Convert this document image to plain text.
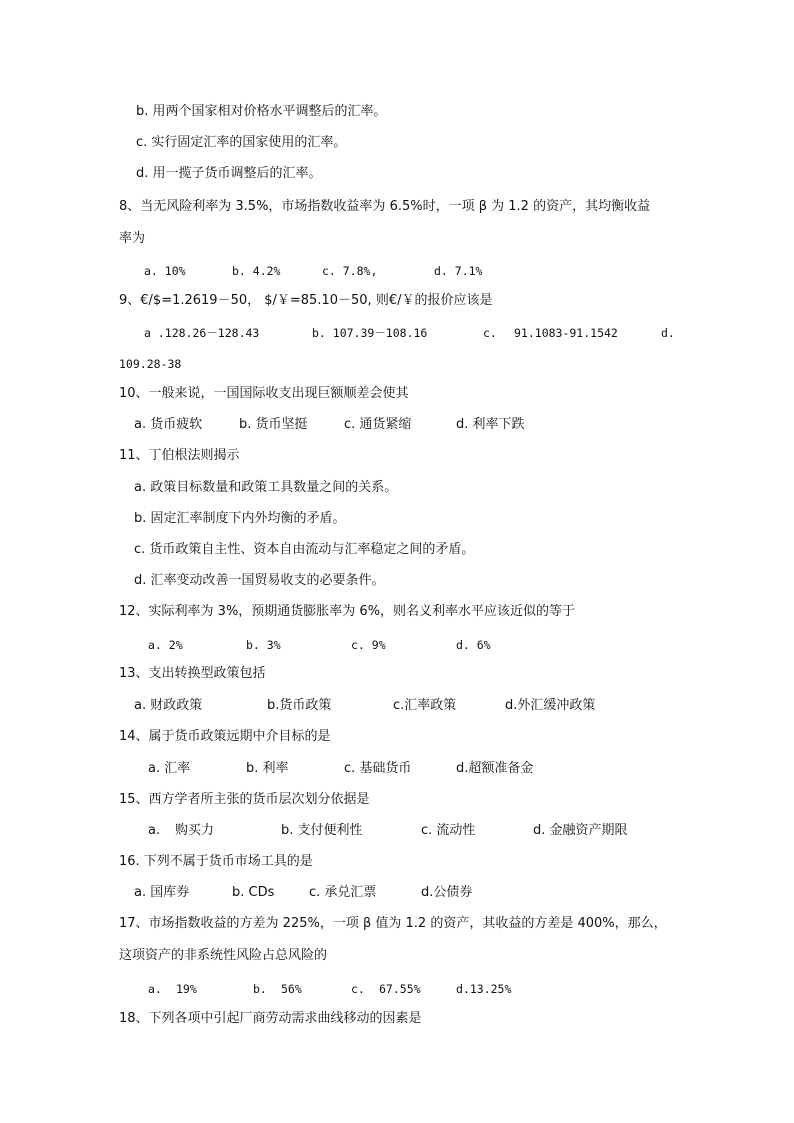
b. 用两个国家相对价格水平调整后的汇率。
c. 实行固定汇率的国家使用的汇率。
d. 用一揽子货币调整后的汇率。
8、当无风险利率为 3.5%，市场指数收益率为 6.5%时，一项 β 为 1.2 的资产，其均衡收益
率为
a. 10%	b. 4.2%	c. 7.8%,	d. 7.1%
9、€/$=1.2619－50， $/￥=85.10－50, 则€/￥的报价应该是
a .128.26－128.43	b. 107.39－108.16	c. 91.1083-91.1542	d.
109.28-38
10、一般来说，一国国际收支出现巨额顺差会使其
a. 货币疲软	b. 货币坚挺	c. 通货紧缩	d. 利率下跌
11、丁伯根法则揭示
a. 政策目标数量和政策工具数量之间的关系。
b. 固定汇率制度下内外均衡的矛盾。
c. 货币政策自主性、资本自由流动与汇率稳定之间的矛盾。
d. 汇率变动改善一国贸易收支的必要条件。
12、实际利率为 3%，预期通货膨胀率为 6%，则名义利率水平应该近似的等于
a. 2%	b. 3%	c. 9%	d. 6%
13、支出转换型政策包括
a. 财政政策	b.货币政策	c.汇率政策	d.外汇缓冲政策
14、属于货币政策远期中介目标的是
a. 汇率	b. 利率	c. 基础货币	d.超额准备金
15、西方学者所主张的货币层次划分依据是
a. 购买力	b. 支付便利性	c. 流动性	d. 金融资产期限
16. 下列不属于货币市场工具的是
a. 国库券	b. CDs	c. 承兑汇票	d.公债券
17、市场指数收益的方差为 225%，一项 β 值为 1.2 的资产，其收益的方差是 400%，那么，
这项资产的非系统性风险占总风险的
a. 19%	b. 56%	c. 67.55%	d.13.25%
18、下列各项中引起厂商劳动需求曲线移动的因素是
